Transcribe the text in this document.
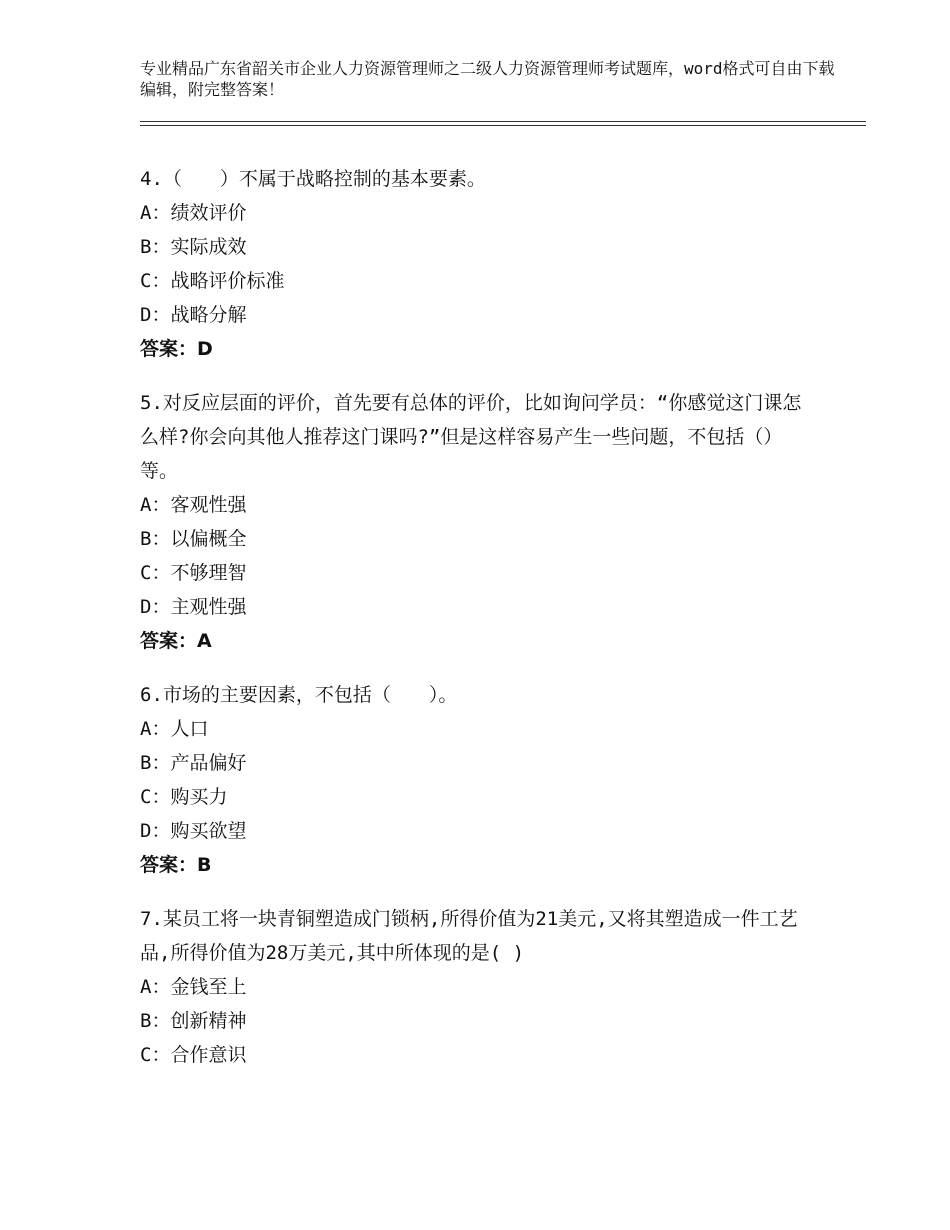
专业精品广东省韶关市企业人力资源管理师之二级人力资源管理师考试题库，word格式可自由下载编辑，附完整答案！

4.（　　）不属于战略控制的基本要素。

A：绩效评价

B：实际成效

C：战略评价标准

D：战略分解

答案：D

5.对反应层面的评价，首先要有总体的评价，比如询问学员：“你感觉这门课怎么样?你会向其他人推荐这门课吗?”但是这样容易产生一些问题，不包括（）等。

A：客观性强

B：以偏概全

C：不够理智

D：主观性强

答案：A

6.市场的主要因素，不包括（　　）。

A：人口

B：产品偏好

C：购买力

D：购买欲望

答案：B

7.某员工将一块青铜塑造成门锁柄,所得价值为21美元,又将其塑造成一件工艺品,所得价值为28万美元,其中所体现的是( )

A：金钱至上

B：创新精神

C：合作意识
